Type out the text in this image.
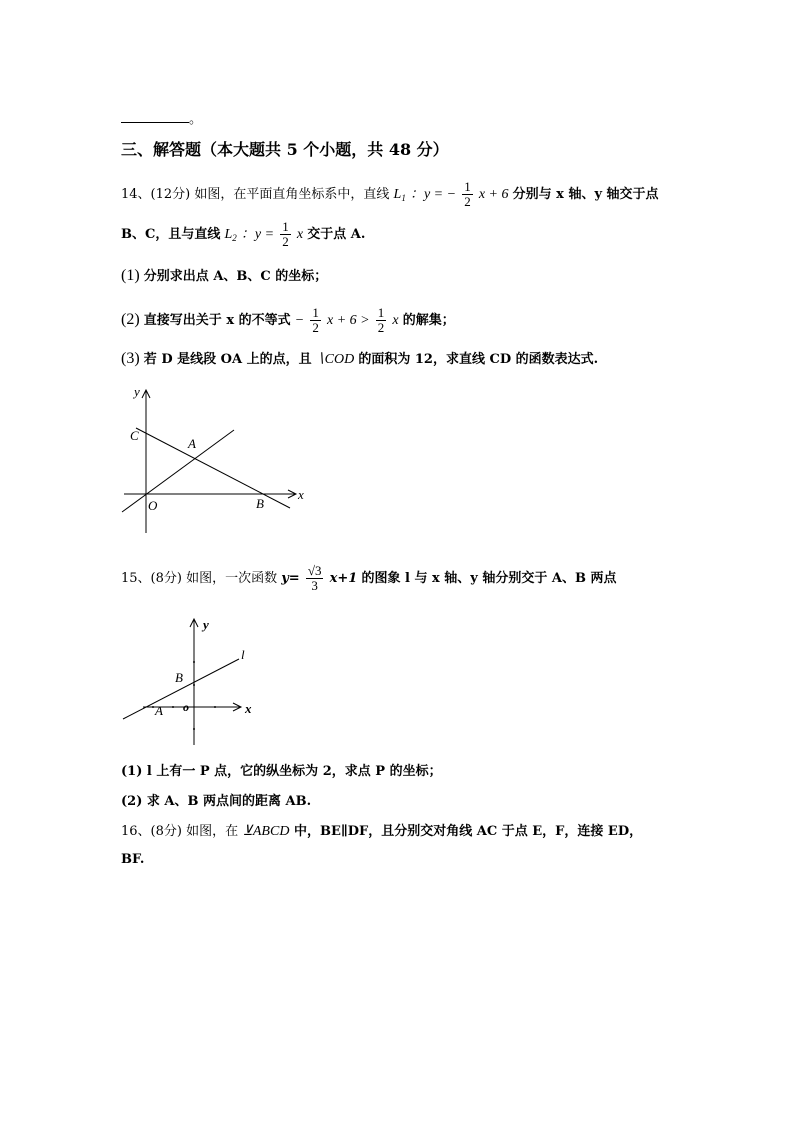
。
三、解答题（本大题共 5 个小题，共 48 分）
14、(12分) 如图，在平面直角坐标系中，直线 $L_1$ ：y = − $\frac{1}{2}$ x + 6 分别与 x 轴、y 轴交于点
B、C，且与直线 $L_2$ ：$y = \frac{1}{2}$ x 交于点 A.
(1) 分别求出点 A、B、C 的坐标；
(2) 直接写出关于 x 的不等式 − $\frac{1}{2}$ $x + 6 > \frac{1}{2}$ x 的解集；
(3) 若 D 是线段 OA 上的点，且 ∖COD 的面积为 12，求直线 CD 的函数表达式.
y
x
C
A
O	B
15、(8分) 如图，一次函数 $y= \frac{√3}{3} x+1$ 的图象 l 与 x 轴、y 轴分别交于 A、B 两点
y
x
l
B
A o
(1) l 上有一 P 点，它的纵坐标为 2，求点 P 的坐标；
(2) 求 A、B 两点间的距离 AB.
16、(8分) 如图，在 ⊻ABCD 中，BE∥DF，且分别交对角线 AC 于点 E，F，连接 ED，
BF.
